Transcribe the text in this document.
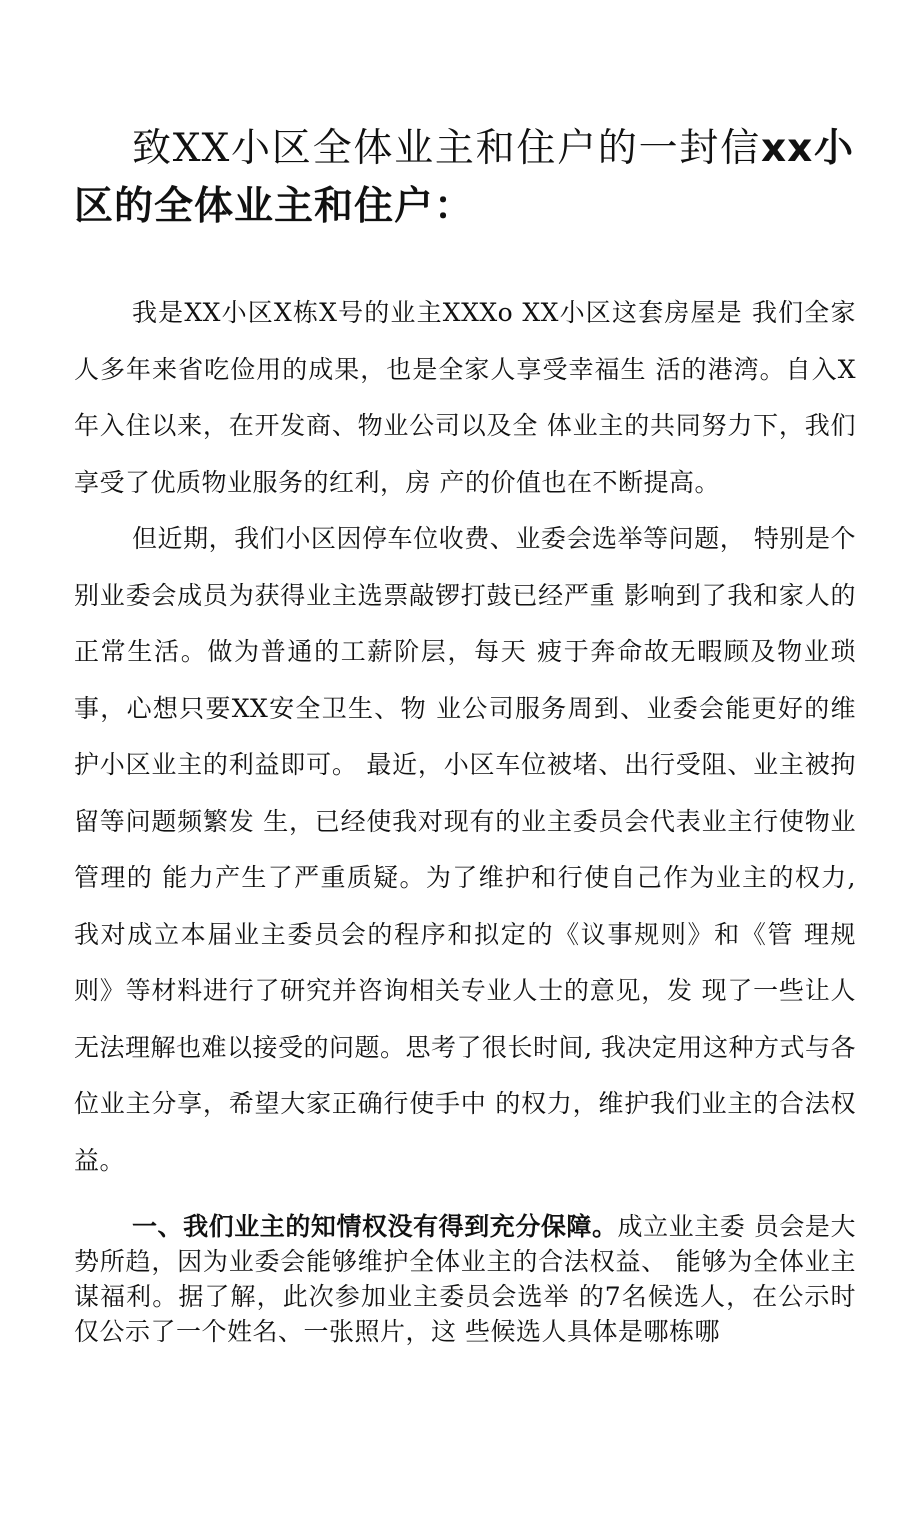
致XX小区全体业主和住户的一封信xx小区的全体业主和住户：

我是XX小区X栋X号的业主XXXo XX小区这套房屋是 我们全家人多年来省吃俭用的成果，也是全家人享受幸福生 活的港湾。自入X年入住以来，在开发商、物业公司以及全 体业主的共同努力下，我们享受了优质物业服务的红利，房 产的价值也在不断提高。

但近期，我们小区因停车位收费、业委会选举等问题， 特别是个别业委会成员为获得业主选票敲锣打鼓已经严重 影响到了我和家人的正常生活。做为普通的工薪阶层，每天 疲于奔命故无暇顾及物业琐事，心想只要XX安全卫生、物 业公司服务周到、业委会能更好的维护小区业主的利益即可。 最近，小区车位被堵、出行受阻、业主被拘留等问题频繁发 生，已经使我对现有的业主委员会代表业主行使物业管理的 能力产生了严重质疑。为了维护和行使自己作为业主的权力, 我对成立本届业主委员会的程序和拟定的《议事规则》和《管 理规则》等材料进行了研究并咨询相关专业人士的意见，发 现了一些让人无法理解也难以接受的问题。思考了很长时间, 我决定用这种方式与各位业主分享，希望大家正确行使手中 的权力，维护我们业主的合法权益。

一、我们业主的知情权没有得到充分保障。成立业主委 员会是大势所趋，因为业委会能够维护全体业主的合法权益、 能够为全体业主谋福利。据了解，此次参加业主委员会选举 的7名候选人，在公示时仅公示了一个姓名、一张照片，这 些候选人具体是哪栋哪
